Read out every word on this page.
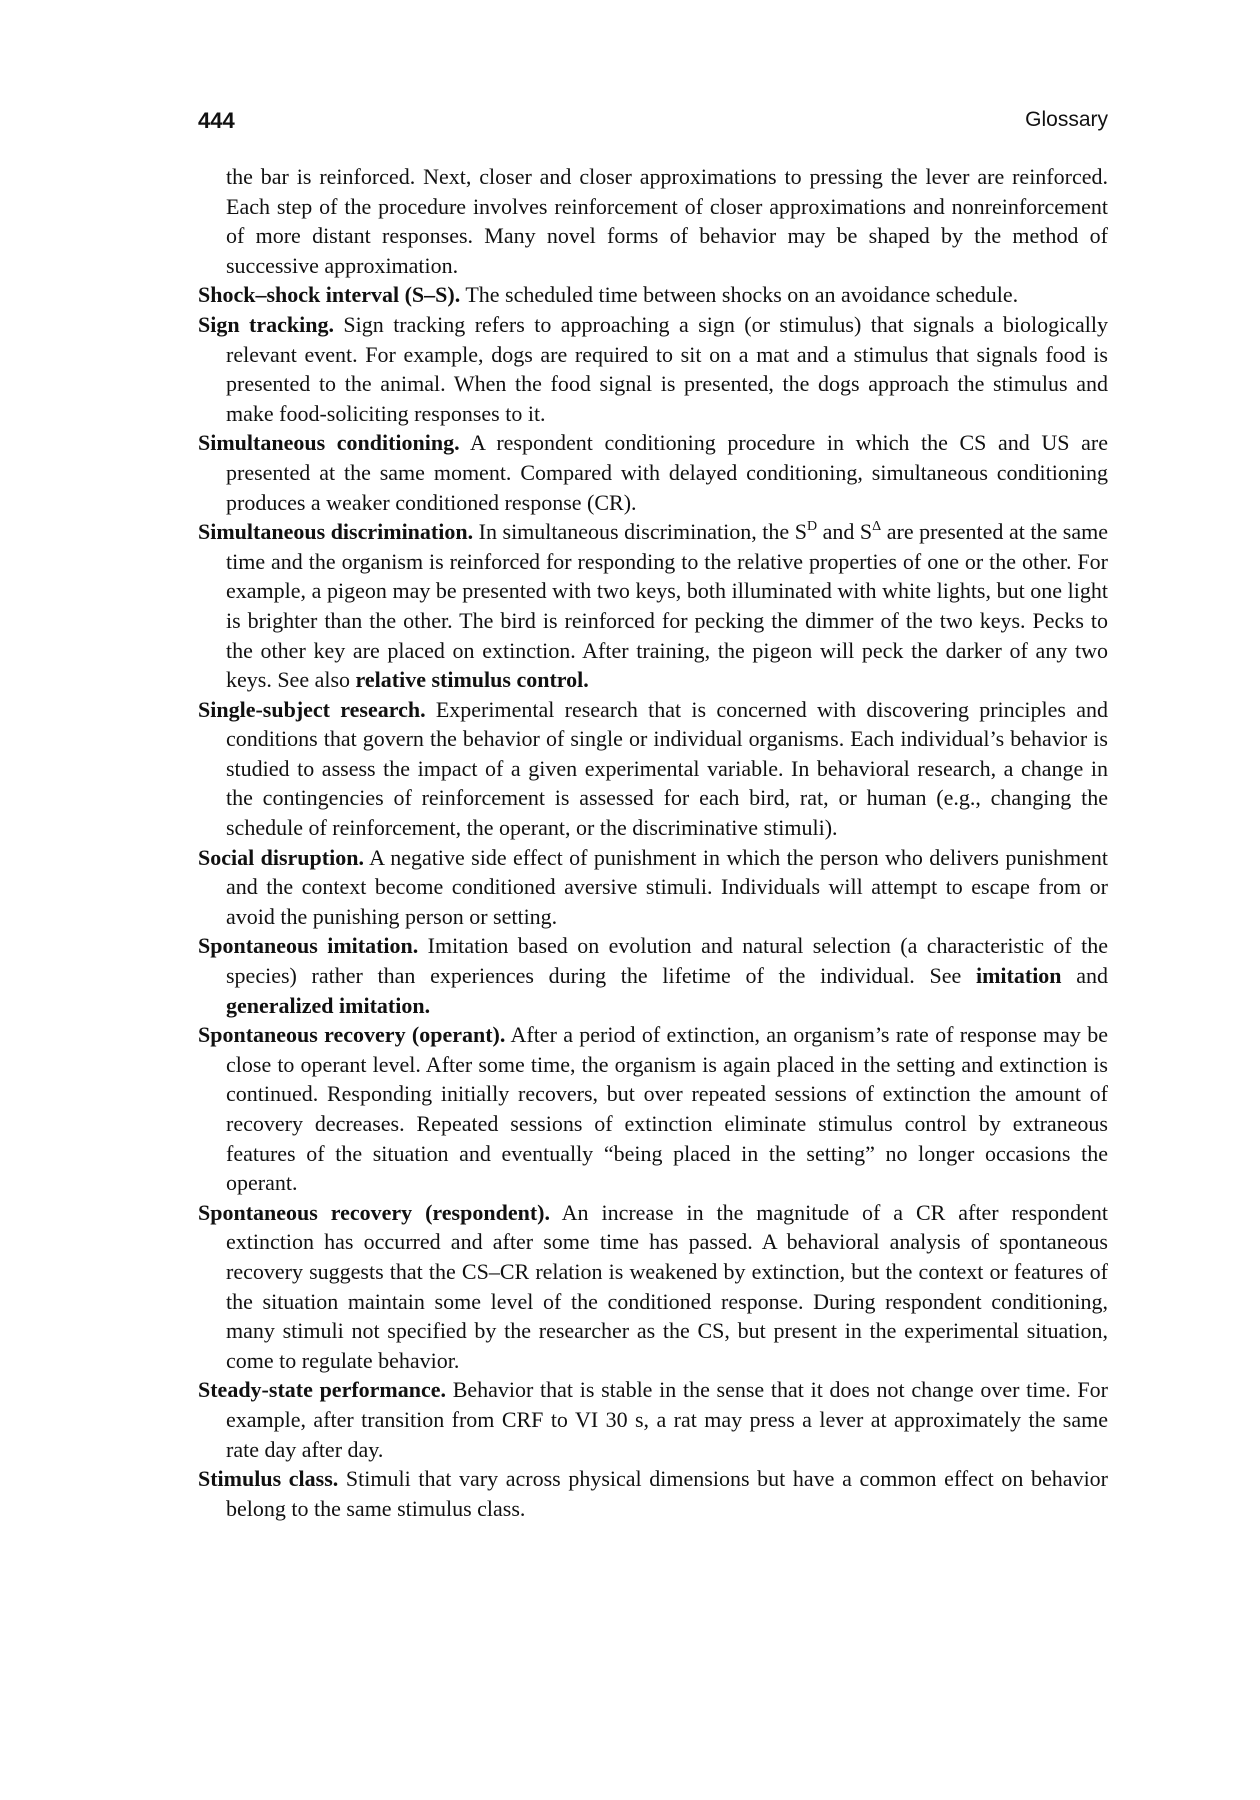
444	Glossary

the bar is reinforced. Next, closer and closer approximations to pressing the lever are reinforced. Each step of the procedure involves reinforcement of closer approximations and nonreinforcement of more distant responses. Many novel forms of behavior may be shaped by the method of successive approximation.

Shock–shock interval (S–S). The scheduled time between shocks on an avoidance schedule.

Sign tracking. Sign tracking refers to approaching a sign (or stimulus) that signals a biologically relevant event. For example, dogs are required to sit on a mat and a stimulus that signals food is presented to the animal. When the food signal is presented, the dogs approach the stimulus and make food-soliciting responses to it.

Simultaneous conditioning. A respondent conditioning procedure in which the CS and US are presented at the same moment. Compared with delayed conditioning, simultaneous conditioning produces a weaker conditioned response (CR).

Simultaneous discrimination. In simultaneous discrimination, the $S^D$ and $S^\Delta$ are presented at the same time and the organism is reinforced for responding to the relative properties of one or the other. For example, a pigeon may be presented with two keys, both illuminated with white lights, but one light is brighter than the other. The bird is reinforced for pecking the dimmer of the two keys. Pecks to the other key are placed on extinction. After training, the pigeon will peck the darker of any two keys. See also relative stimulus control.

Single-subject research. Experimental research that is concerned with discovering principles and conditions that govern the behavior of single or individual organisms. Each individual’s behavior is studied to assess the impact of a given experimental variable. In behavioral research, a change in the contingencies of reinforcement is assessed for each bird, rat, or human (e.g., changing the schedule of reinforcement, the operant, or the discriminative stimuli).

Social disruption. A negative side effect of punishment in which the person who delivers punishment and the context become conditioned aversive stimuli. Individuals will attempt to escape from or avoid the punishing person or setting.

Spontaneous imitation. Imitation based on evolution and natural selection (a characteristic of the species) rather than experiences during the lifetime of the individual. See imitation and generalized imitation.

Spontaneous recovery (operant). After a period of extinction, an organism’s rate of response may be close to operant level. After some time, the organism is again placed in the setting and extinction is continued. Responding initially recovers, but over repeated sessions of extinction the amount of recovery decreases. Repeated sessions of extinction eliminate stimulus control by extraneous features of the situation and eventually “being placed in the setting” no longer occasions the operant.

Spontaneous recovery (respondent). An increase in the magnitude of a CR after respondent extinction has occurred and after some time has passed. A behavioral analysis of spontaneous recovery suggests that the CS–CR relation is weakened by extinction, but the context or features of the situation maintain some level of the conditioned response. During respondent conditioning, many stimuli not specified by the researcher as the CS, but present in the experimental situation, come to regulate behavior.

Steady-state performance. Behavior that is stable in the sense that it does not change over time. For example, after transition from CRF to VI 30 s, a rat may press a lever at approximately the same rate day after day.

Stimulus class. Stimuli that vary across physical dimensions but have a common effect on behavior belong to the same stimulus class.
